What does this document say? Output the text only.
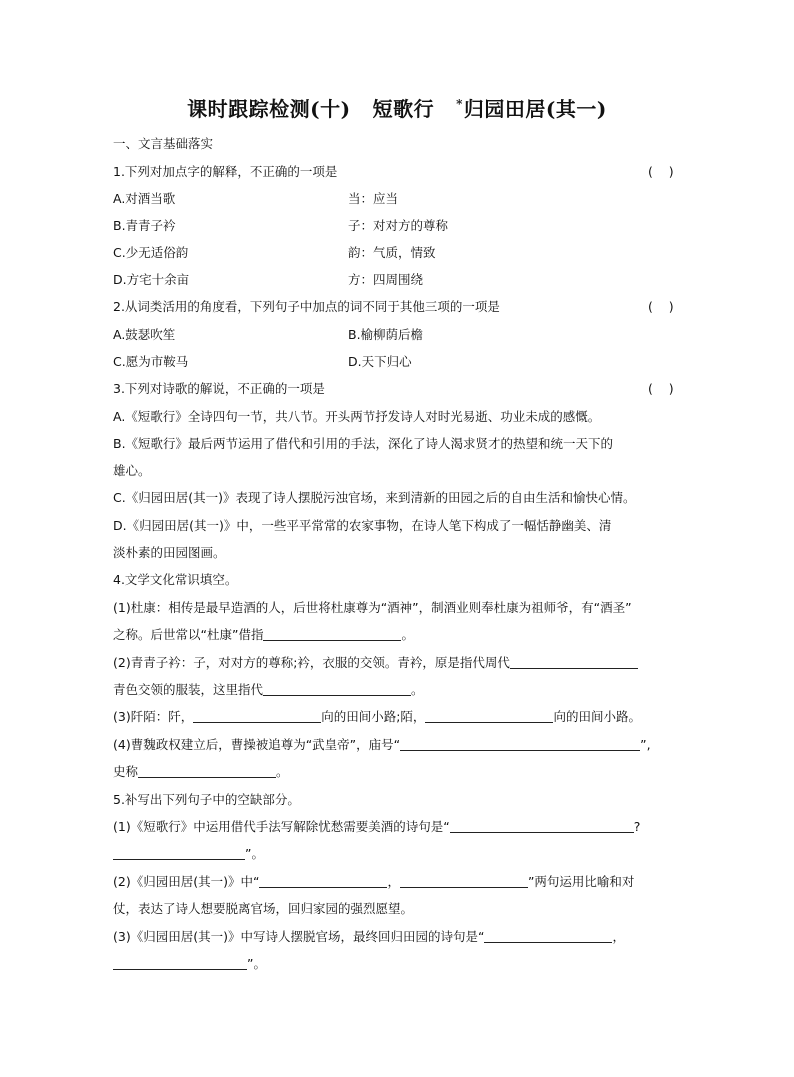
课时跟踪检测(十) 短歌行 *归园田居(其一)
一、文言基础落实
1.下列对加点字的解释，不正确的一项是	(    )
A.对酒当歌	当：应当
B.青青子衿	子：对对方的尊称
C.少无适俗韵	韵：气质，情致
D.方宅十余亩	方：四周围绕
2.从词类活用的角度看，下列句子中加点的词不同于其他三项的一项是	(    )
A.鼓瑟吹笙	B.榆柳荫后檐
C.愿为市鞍马	D.天下归心
3.下列对诗歌的解说，不正确的一项是	(    )
A.《短歌行》全诗四句一节，共八节。开头两节抒发诗人对时光易逝、功业未成的感慨。
B.《短歌行》最后两节运用了借代和引用的手法，深化了诗人渴求贤才的热望和统一天下的
雄心。
C.《归园田居(其一)》表现了诗人摆脱污浊官场，来到清新的田园之后的自由生活和愉快心情。
D.《归园田居(其一)》中，一些平平常常的农家事物，在诗人笔下构成了一幅恬静幽美、清
淡朴素的田园图画。
4.文学文化常识填空。
(1)杜康：相传是最早造酒的人，后世将杜康尊为“酒神”，制酒业则奉杜康为祖师爷，有“酒圣”
之称。后世常以“杜康”借指	。
(2)青青子衿：子，对对方的尊称;衿，衣服的交领。青衿，原是指代周代
青色交领的服装，这里指代	。
(3)阡陌：阡，	向的田间小路;陌，	向的田间小路。
(4)曹魏政权建立后，曹操被追尊为“武皇帝”，庙号“	”,
史称	。
5.补写出下列句子中的空缺部分。
(1)《短歌行》中运用借代手法写解除忧愁需要美酒的诗句是“	?
”。
(2)《归园田居(其一)》中“	，	”两句运用比喻和对
仗，表达了诗人想要脱离官场，回归家园的强烈愿望。
(3)《归园田居(其一)》中写诗人摆脱官场，最终回归田园的诗句是“	，
”。
